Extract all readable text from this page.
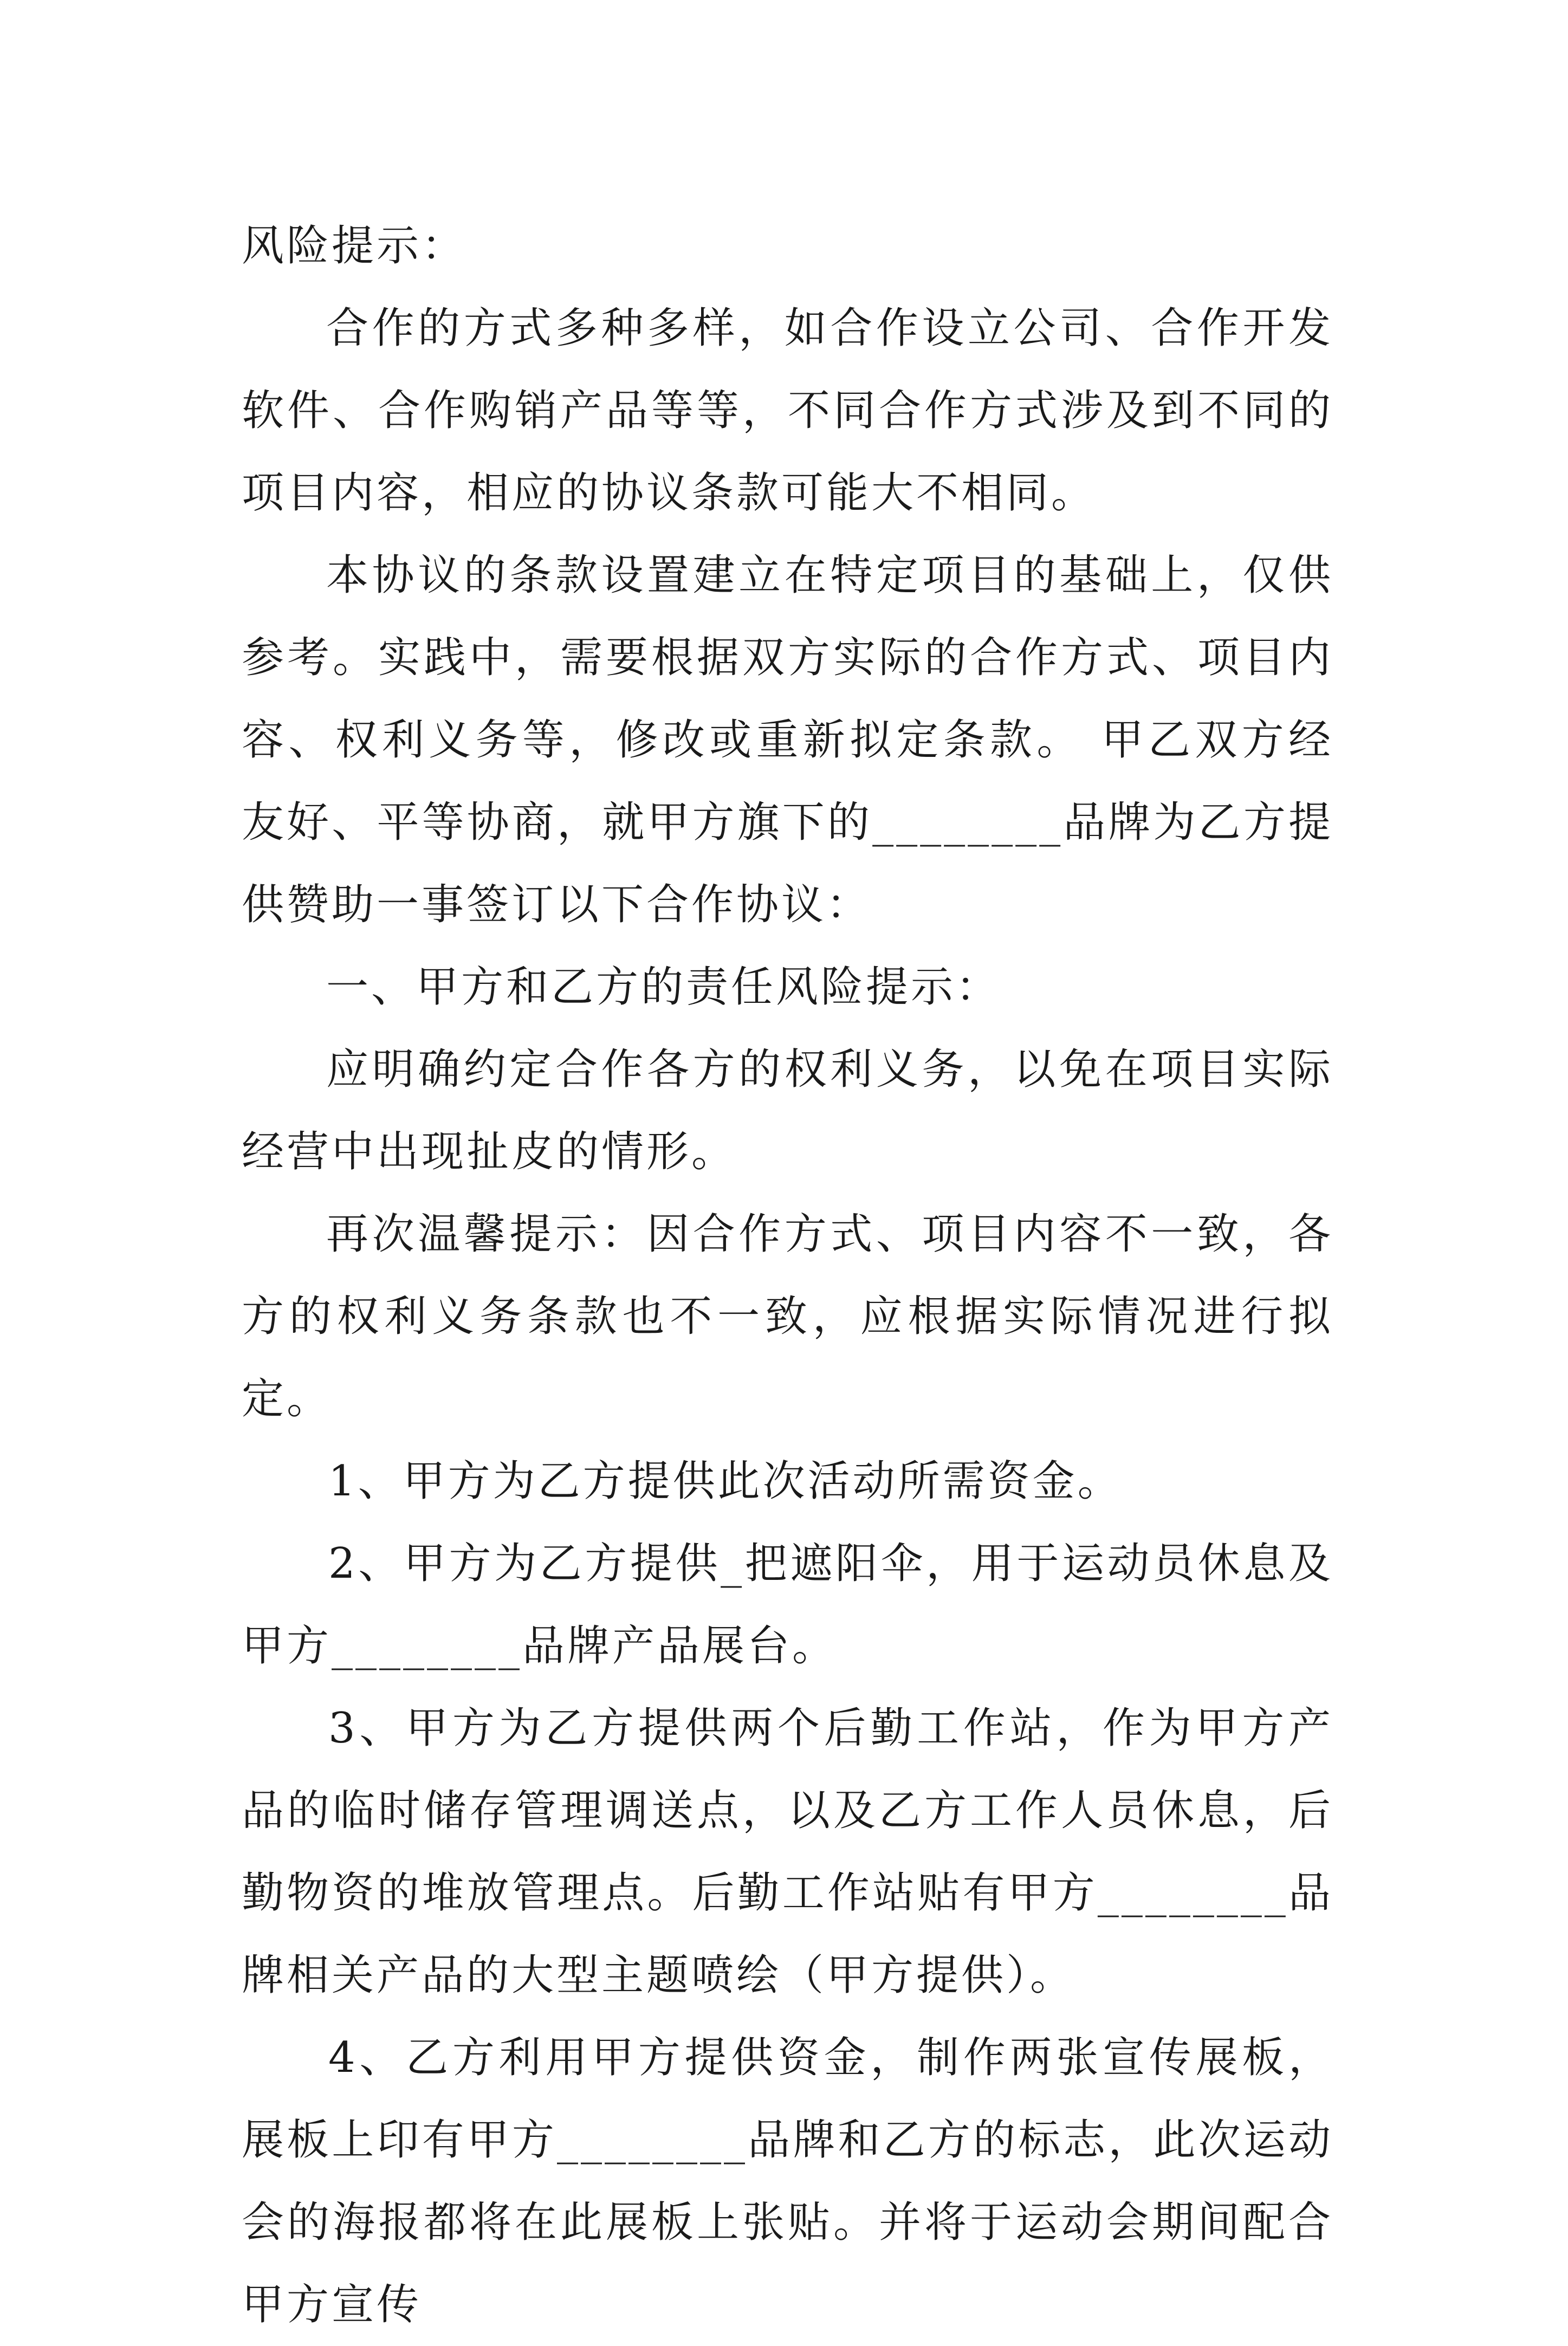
风险提示：

合作的方式多种多样，如合作设立公司、合作开发软件、合作购销产品等等，不同合作方式涉及到不同的项目内容，相应的协议条款可能大不相同。

本协议的条款设置建立在特定项目的基础上，仅供参考。实践中，需要根据双方实际的合作方式、项目内容、权利义务等，修改或重新拟定条款。 甲乙双方经友好、平等协商，就甲方旗下的________品牌为乙方提供赞助一事签订以下合作协议：

一、甲方和乙方的责任风险提示：

应明确约定合作各方的权利义务，以免在项目实际经营中出现扯皮的情形。

再次温馨提示：因合作方式、项目内容不一致，各方的权利义务条款也不一致，应根据实际情况进行拟定。

1、甲方为乙方提供此次活动所需资金。

2、甲方为乙方提供_把遮阳伞，用于运动员休息及甲方________品牌产品展台。

3、甲方为乙方提供两个后勤工作站，作为甲方产品的临时储存管理调送点，以及乙方工作人员休息，后勤物资的堆放管理点。后勤工作站贴有甲方________品牌相关产品的大型主题喷绘（甲方提供）。

4、乙方利用甲方提供资金，制作两张宣传展板，展板上印有甲方________品牌和乙方的标志，此次运动会的海报都将在此展板上张贴。并将于运动会期间配合甲方宣传
